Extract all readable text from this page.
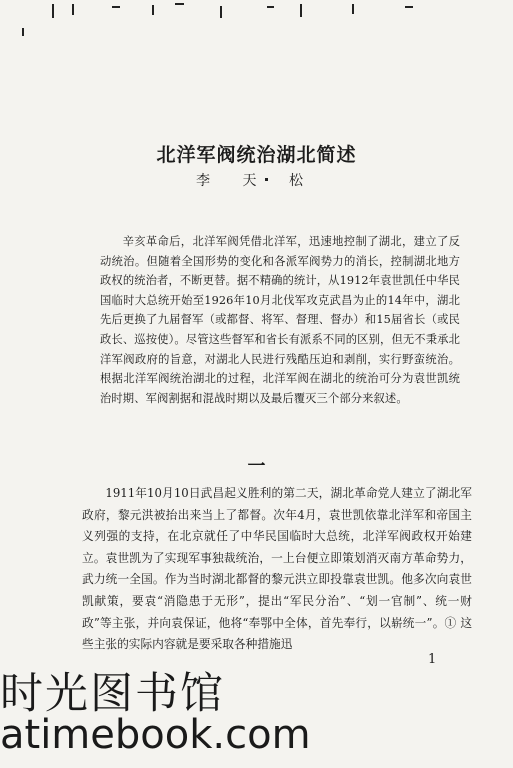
北洋军阀统治湖北简述
李 天 松
辛亥革命后，北洋军阀凭借北洋军，迅速地控制了湖北，建立了反动统治。但随着全国形势的变化和各派军阀势力的消长，控制湖北地方政权的统治者，不断更替。据不精确的统计，从1912年袁世凯任中华民国临时大总统开始至1926年10月北伐军攻克武昌为止的14年中，湖北先后更换了九届督军（或都督、将军、督理、督办）和15届省长（或民政长、巡按使）。尽管这些督军和省长有派系不同的区别，但无不秉承北洋军阀政府的旨意，对湖北人民进行残酷压迫和剥削，实行野蛮统治。根据北洋军阀统治湖北的过程，北洋军阀在湖北的统治可分为袁世凯统治时期、军阀割据和混战时期以及最后覆灭三个部分来叙述。
一
1911年10月10日武昌起义胜利的第二天，湖北革命党人建立了湖北军政府，黎元洪被抬出来当上了都督。次年4月，袁世凯依靠北洋军和帝国主义列强的支持，在北京就任了中华民国临时大总统，北洋军阀政权开始建立。袁世凯为了实现军事独裁统治，一上台便立即策划消灭南方革命势力，武力统一全国。作为当时湖北都督的黎元洪立即投靠袁世凯。他多次向袁世凯献策，要袁“消隐患于无形”，提出“军民分治”、“划一官制”、统一财政”等主张，并向袁保证，他将“奉鄂中全体，首先奉行，以崭统一”。① 这些主张的实际内容就是要采取各种措施迅
1
时光图书馆
atimebook.com
